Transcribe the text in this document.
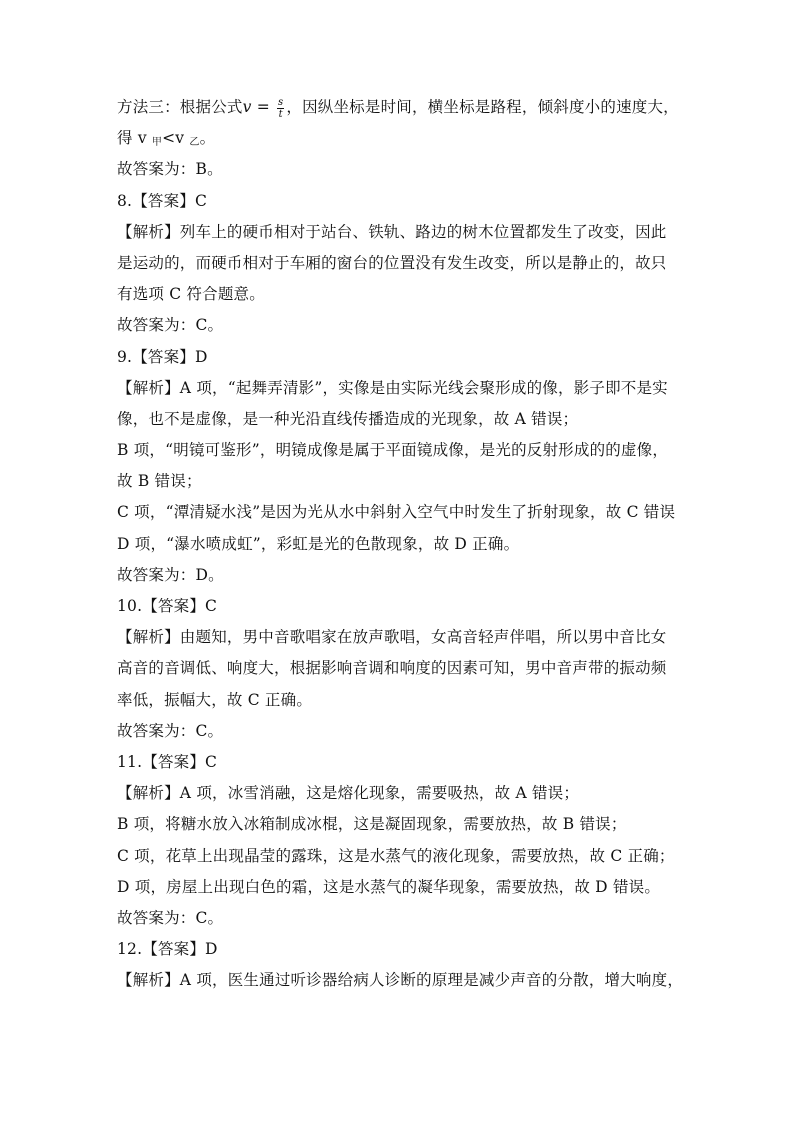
方法三：根据公式$v = \frac{s}{t}$ ，因纵坐标是时间，横坐标是路程，倾斜度小的速度大，
得 v $_甲$<v $_乙$。
故答案为：B。
8.【答案】C
【解析】列车上的硬币相对于站台、铁轨、路边的树木位置都发生了改变，因此
是运动的，而硬币相对于车厢的窗台的位置没有发生改变，所以是静止的，故只
有选项 C 符合题意。
故答案为：C。
9.【答案】D
【解析】A 项，“起舞弄清影”，实像是由实际光线会聚形成的像，影子即不是实
像，也不是虚像，是一种光沿直线传播造成的光现象，故 A 错误；
B 项，“明镜可鉴形”，明镜成像是属于平面镜成像，是光的反射形成的的虚像，
故 B 错误；
C 项，“潭清疑水浅”是因为光从水中斜射入空气中时发生了折射现象，故 C 错误
D 项，“瀑水喷成虹”，彩虹是光的色散现象，故 D 正确。
故答案为：D。
10.【答案】C
【解析】由题知，男中音歌唱家在放声歌唱，女高音轻声伴唱，所以男中音比女
高音的音调低、响度大，根据影响音调和响度的因素可知，男中音声带的振动频
率低，振幅大，故 C 正确。
故答案为：C。
11.【答案】C
【解析】A 项，冰雪消融，这是熔化现象，需要吸热，故 A 错误；
B 项，将糖水放入冰箱制成冰棍，这是凝固现象，需要放热，故 B 错误；
C 项，花草上出现晶莹的露珠，这是水蒸气的液化现象，需要放热，故 C 正确；
D 项，房屋上出现白色的霜，这是水蒸气的凝华现象，需要放热，故 D 错误。
故答案为：C。
12.【答案】D
【解析】A 项，医生通过听诊器给病人诊断的原理是减少声音的分散，增大响度，
